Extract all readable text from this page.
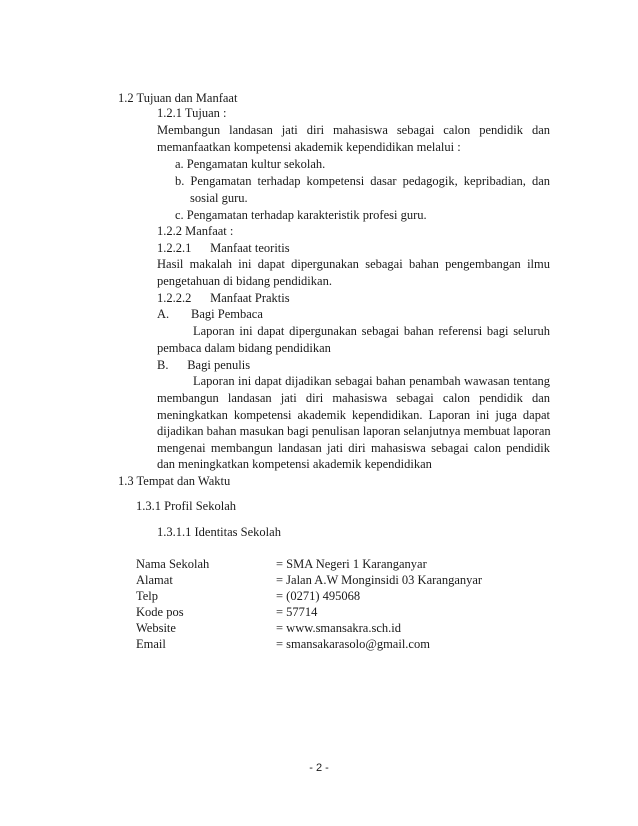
1.2 Tujuan dan Manfaat
1.2.1 Tujuan :
Membangun landasan jati diri mahasiswa sebagai calon pendidik dan
memanfaatkan kompetensi akademik kependidikan melalui :
a. Pengamatan kultur sekolah.
b. Pengamatan terhadap kompetensi dasar pedagogik, kepribadian, dan
sosial guru.
c. Pengamatan terhadap karakteristik profesi guru.
1.2.2 Manfaat :
1.2.2.1      Manfaat teoritis
Hasil makalah ini dapat dipergunakan sebagai bahan pengembangan ilmu
pengetahuan di bidang pendidikan.
1.2.2.2      Manfaat Praktis
A.       Bagi Pembaca
Laporan ini dapat dipergunakan sebagai bahan referensi bagi seluruh
pembaca dalam bidang pendidikan
B.      Bagi penulis
Laporan ini dapat dijadikan sebagai bahan penambah wawasan tentang
membangun landasan jati diri mahasiswa sebagai calon pendidik dan
meningkatkan kompetensi akademik kependidikan. Laporan ini juga dapat
dijadikan bahan masukan bagi penulisan laporan selanjutnya membuat laporan
mengenai membangun landasan jati diri mahasiswa sebagai calon pendidik
dan meningkatkan kompetensi akademik kependidikan
1.3 Tempat dan Waktu
1.3.1 Profil Sekolah
1.3.1.1 Identitas Sekolah
Nama Sekolah	= SMA Negeri 1 Karanganyar
Alamat	= Jalan A.W Monginsidi 03 Karanganyar
Telp	= (0271) 495068
Kode pos	= 57714
Website	= www.smansakra.sch.id
Email	= smansakarasolo@gmail.com
- 2 -
